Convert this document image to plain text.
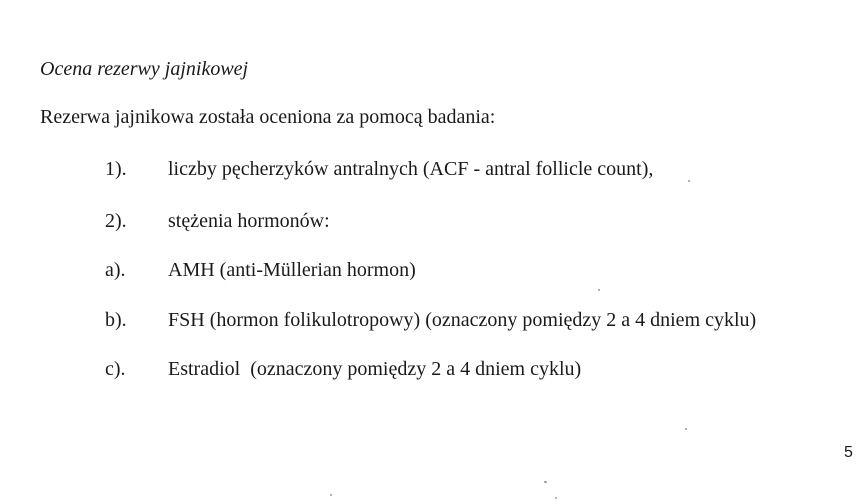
Ocena rezerwy jajnikowej
Rezerwa jajnikowa została oceniona za pomocą badania:
1). liczby pęcherzyków antralnych (ACF - antral follicle count),
2). stężenia hormonów:
a). AMH (anti-Müllerian hormon)
b). FSH (hormon folikulotropowy) (oznaczony pomiędzy 2 a 4 dniem cyklu)
c). Estradiol  (oznaczony pomiędzy 2 a 4 dniem cyklu)
5
